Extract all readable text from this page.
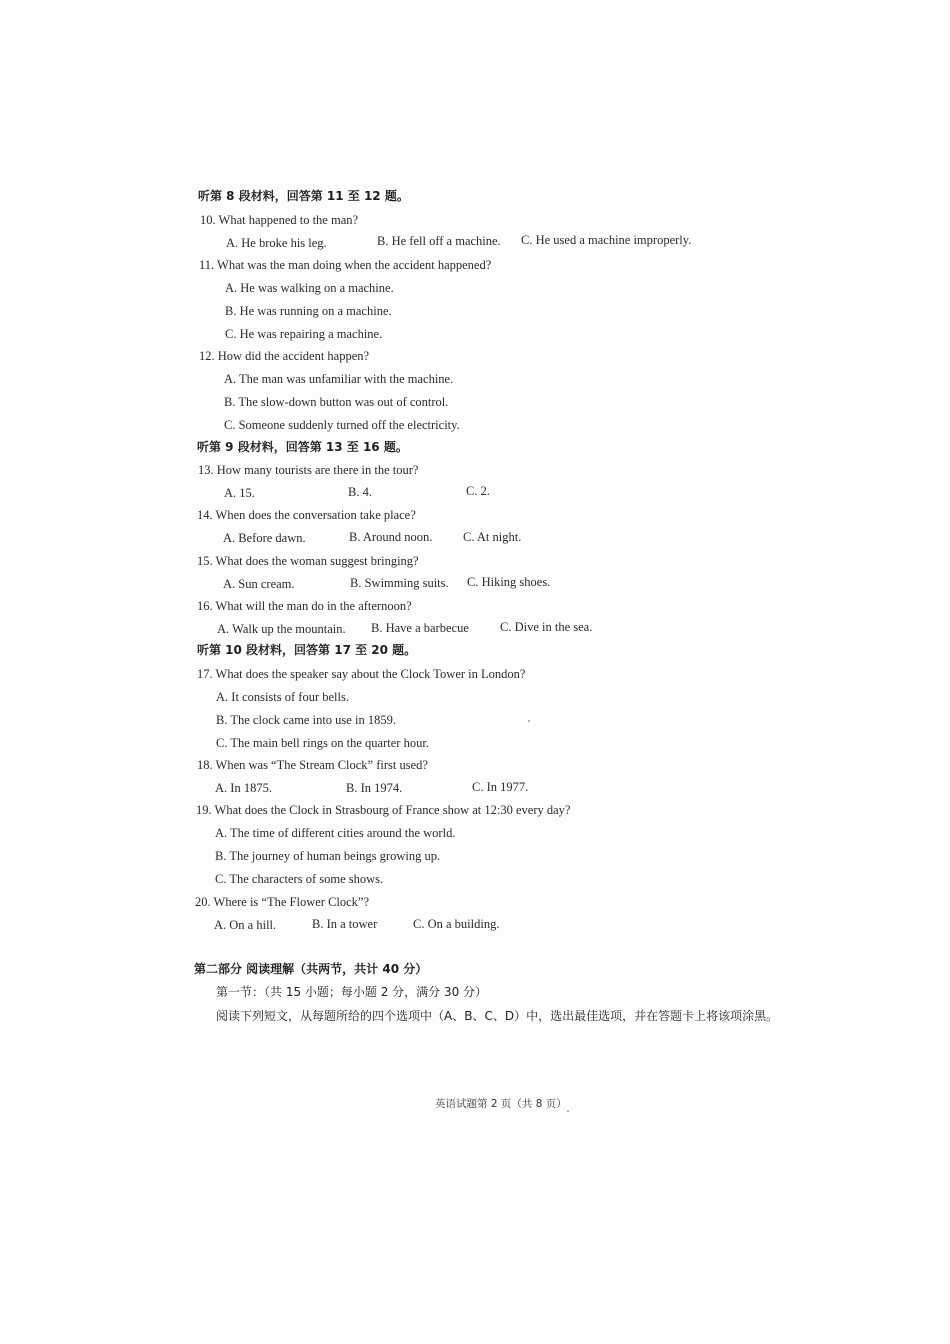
听第 8 段材料，回答第 11 至 12 题。
10. What happened to the man?
A. He broke his leg.	B. He fell off a machine. C. He used a machine improperly.
11. What was the man doing when the accident happened?
A. He was walking on a machine.
B. He was running on a machine.
C. He was repairing a machine.
12. How did the accident happen?
A. The man was unfamiliar with the machine.
B. The slow-down button was out of control.
C. Someone suddenly turned off the electricity.
听第 9 段材料，回答第 13 至 16 题。
13. How many tourists are there in the tour?
A. 15.	B. 4.	C. 2.
14. When does the conversation take place?
A. Before dawn.	B. Around noon. C. At night.
15. What does the woman suggest bringing?
A. Sun cream.	B. Swimming suits. C. Hiking shoes.
16. What will the man do in the afternoon?
A. Walk up the mountain. B. Have a barbecue C. Dive in the sea.
听第 10 段材料，回答第 17 至 20 题。
17. What does the speaker say about the Clock Tower in London?
A. It consists of four bells.
B. The clock came into use in 1859.
C. The main bell rings on the quarter hour.
18. When was “The Stream Clock” first used?
A. In 1875.	B. In 1974.	C. In 1977.
19. What does the Clock in Strasbourg of France show at 12:30 every day?
A. The time of different cities around the world.
B. The journey of human beings growing up.
C. The characters of some shows.
20. Where is “The Flower Clock”?
A. On a hill.	B. In a tower	C. On a building.
第二部分 阅读理解（共两节，共计 40 分）
第一节：（共 15 小题；每小题 2 分，满分 30 分）
阅读下列短文，从每题所给的四个选项中（A、B、C、D）中，选出最佳选项，并在答题卡上将该项涂黑。
英语试题第 2 页（共 8 页）
